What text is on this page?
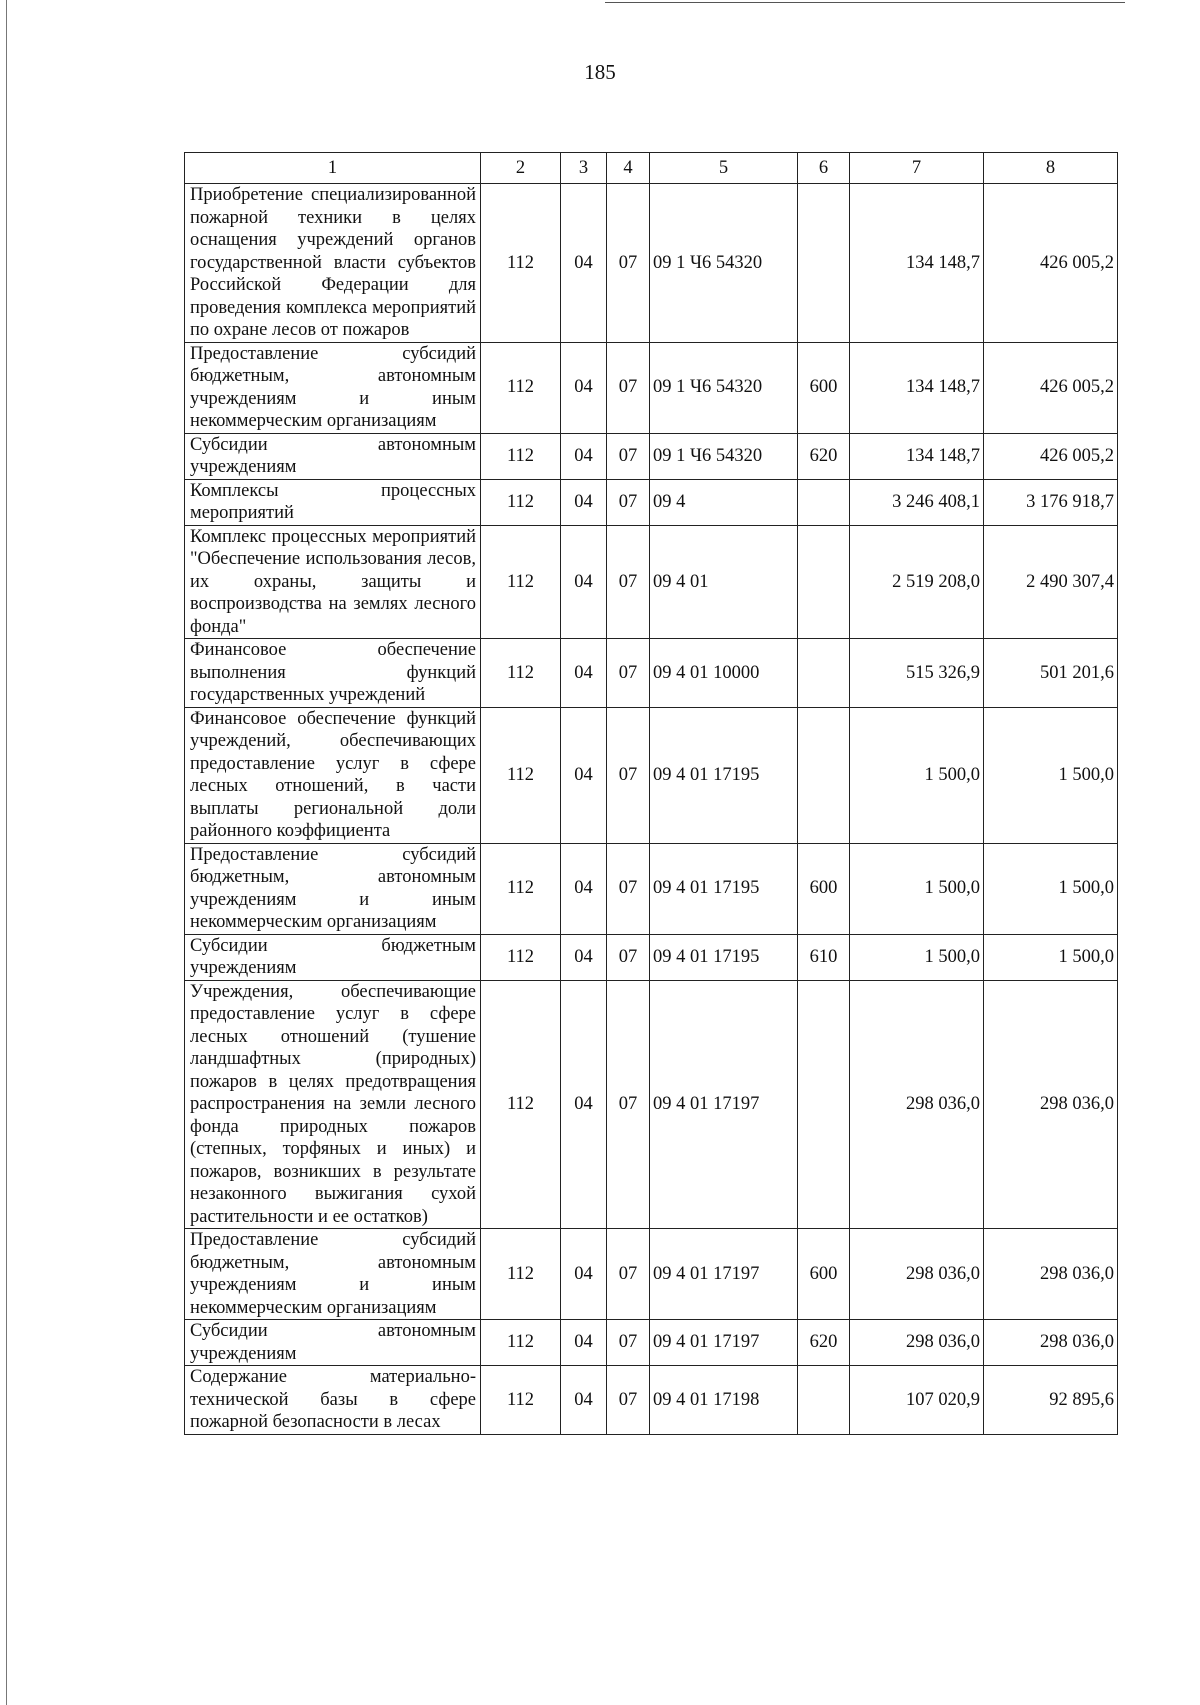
185
1	2	3	4	5	6	7	8
Приобретение специализированной пожарной техники в целях оснащения учреждений органов государственной власти субъектов Российской Федерации для проведения комплекса мероприятий по охране лесов от пожаров	112	04	07	09 1 Ч6 54320		134 148,7	426 005,2
Предоставление субсидий бюджетным, автономным учреждениям и иным некоммерческим организациям	112	04	07	09 1 Ч6 54320	600	134 148,7	426 005,2
Субсидии автономным учреждениям	112	04	07	09 1 Ч6 54320	620	134 148,7	426 005,2
Комплексы процессных мероприятий	112	04	07	09 4		3 246 408,1	3 176 918,7
Комплекс процессных мероприятий "Обеспечение использования лесов, их охраны, защиты и воспроизводства на землях лесного фонда"	112	04	07	09 4 01		2 519 208,0	2 490 307,4
Финансовое обеспечение выполнения функций государственных учреждений	112	04	07	09 4 01 10000		515 326,9	501 201,6
Финансовое обеспечение функций учреждений, обеспечивающих предоставление услуг в сфере лесных отношений, в части выплаты региональной доли районного коэффициента	112	04	07	09 4 01 17195		1 500,0	1 500,0
Предоставление субсидий бюджетным, автономным учреждениям и иным некоммерческим организациям	112	04	07	09 4 01 17195	600	1 500,0	1 500,0
Субсидии бюджетным учреждениям	112	04	07	09 4 01 17195	610	1 500,0	1 500,0
Учреждения, обеспечивающие предоставление услуг в сфере лесных отношений (тушение ландшафтных (природных) пожаров в целях предотвращения распространения на земли лесного фонда природных пожаров (степных, торфяных и иных) и пожаров, возникших в результате незаконного выжигания сухой растительности и ее остатков)	112	04	07	09 4 01 17197		298 036,0	298 036,0
Предоставление субсидий бюджетным, автономным учреждениям и иным некоммерческим организациям	112	04	07	09 4 01 17197	600	298 036,0	298 036,0
Субсидии автономным учреждениям	112	04	07	09 4 01 17197	620	298 036,0	298 036,0
Содержание материально-технической базы в сфере пожарной безопасности в лесах	112	04	07	09 4 01 17198		107 020,9	92 895,6
